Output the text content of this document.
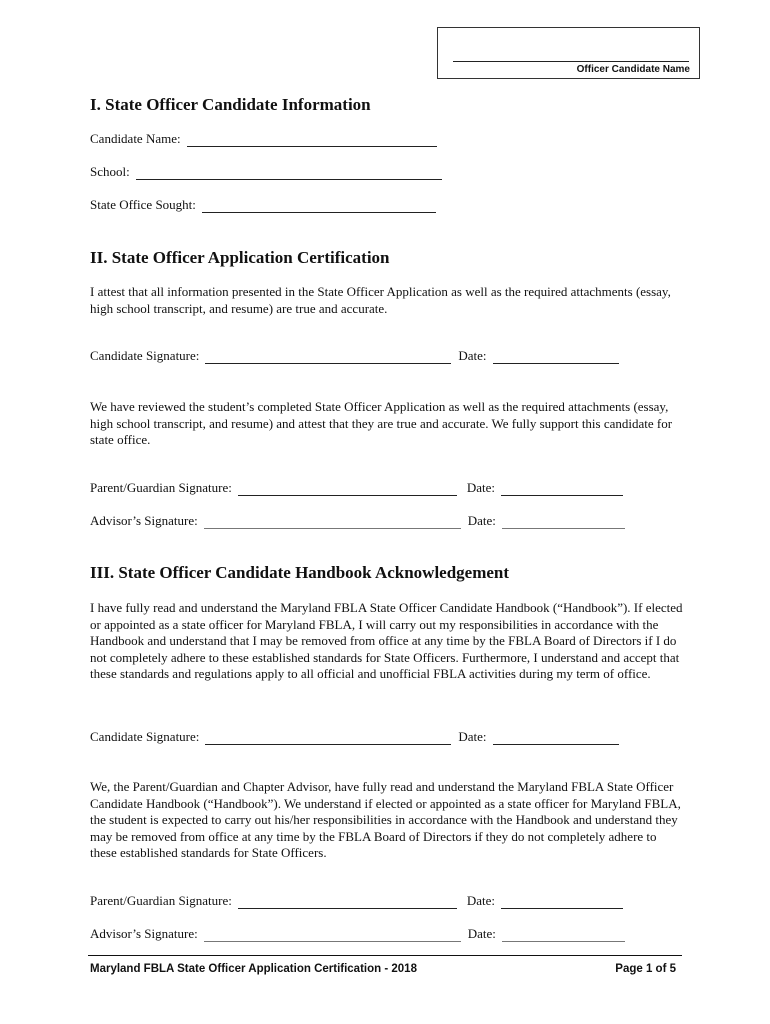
Officer Candidate Name
I. State Officer Candidate Information
Candidate Name:
School:
State Office Sought:
II. State Officer Application Certification
I attest that all information presented in the State Officer Application as well as the required attachments (essay, high school transcript, and resume) are true and accurate.
Candidate Signature:	Date:
We have reviewed the student’s completed State Officer Application as well as the required attachments (essay, high school transcript, and resume) and attest that they are true and accurate. We fully support this candidate for state office.
Parent/Guardian Signature:	Date:
Advisor’s Signature:	Date:
III. State Officer Candidate Handbook Acknowledgement
I have fully read and understand the Maryland FBLA State Officer Candidate Handbook (“Handbook”). If elected or appointed as a state officer for Maryland FBLA, I will carry out my responsibilities in accordance with the Handbook and understand that I may be removed from office at any time by the FBLA Board of Directors if I do not completely adhere to these established standards for State Officers. Furthermore, I understand and accept that these standards and regulations apply to all official and unofficial FBLA activities during my term of office.
Candidate Signature:	Date:
We, the Parent/Guardian and Chapter Advisor, have fully read and understand the Maryland FBLA State Officer Candidate Handbook (“Handbook”). We understand if elected or appointed as a state officer for Maryland FBLA, the student is expected to carry out his/her responsibilities in accordance with the Handbook and understand they may be removed from office at any time by the FBLA Board of Directors if they do not completely adhere to these established standards for State Officers.
Parent/Guardian Signature:	Date:
Advisor’s Signature:	Date:
Maryland FBLA State Officer Application Certification - 2018	Page 1 of 5
